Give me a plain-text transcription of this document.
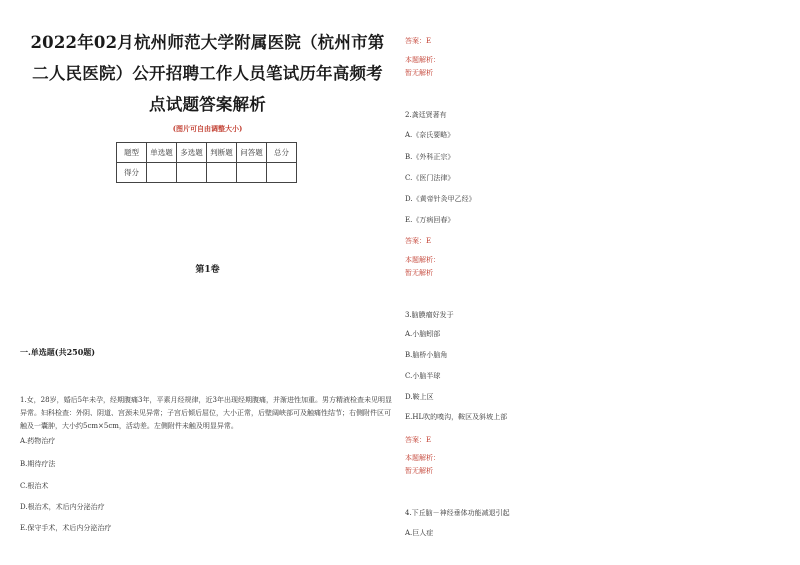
2022年02月杭州师范大学附属医院（杭州市第
二人民医院）公开招聘工作人员笔试历年高频考
点试题答案解析
(图片可自由调整大小)
题型	单选题	多选题	判断题	问答题	总分
得分					
第1卷
一.单选题(共250题)
1.女，28岁，婚后5年未孕，经期腹痛3年，平素月经规律，近3年出现经期腹痛，并渐进性加重。男方精液检查未见明显异常。妇科检查：外阴、阴道、宫颈未见异常；子宫后倾后屈位，大小正常，后壁阔峡部可及触痛性结节；右侧附件区可触及一囊肿，大小约5cm×5cm，活动差。左侧附件未触及明显异常。
A.药物治疗
B.期待疗法
C.根治术
D.根治术，术后内分泌治疗
E.保守手术，术后内分泌治疗
答案：E
本题解析：
暂无解析
2.龚廷贤著有
A.《奈氏要略》
B.《外科正宗》
C.《医门法律》
D.《黄帝针灸甲乙经》
E.《万病回春》
答案：E
本题解析：
暂无解析
3.脑膜瘤好发于
A.小脑蚓部
B.脑桥小脑角
C.小脑半球
D.鞍上区
E.HL吹的嗅沟，鞍区及斜坡上部
答案：E
本题解析：
暂无解析
4.下丘脑－神经垂体功能减退引起
A.巨人症
